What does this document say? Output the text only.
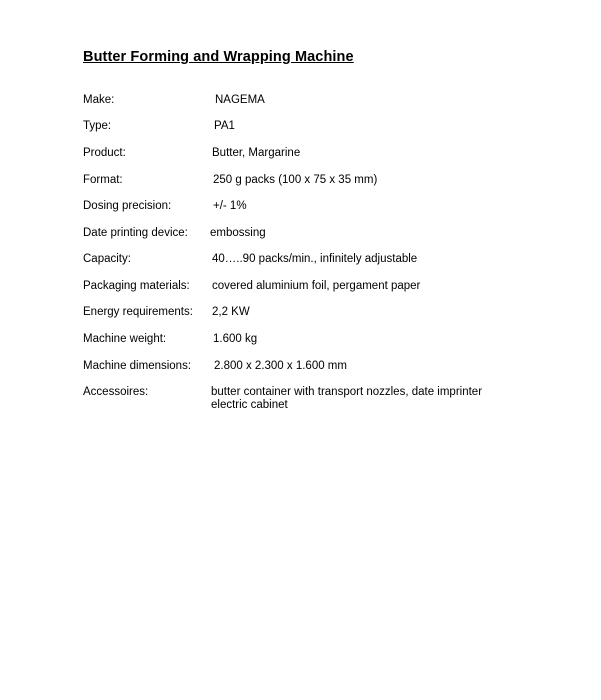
Butter Forming and Wrapping Machine
Make:	NAGEMA
Type:	PA1
Product:	Butter, Margarine
Format:	250 g packs (100 x 75 x 35 mm)
Dosing precision:	+/- 1%
Date printing device: embossing
Capacity:	40…..90 packs/min., infinitely adjustable
Packaging materials: covered aluminium foil, pergament paper
Energy requirements: 2,2 KW
Machine weight:	1.600 kg
Machine dimensions: 2.800 x 2.300 x 1.600 mm
Accessoires:	butter container with transport nozzles, date imprinter
electric cabinet
